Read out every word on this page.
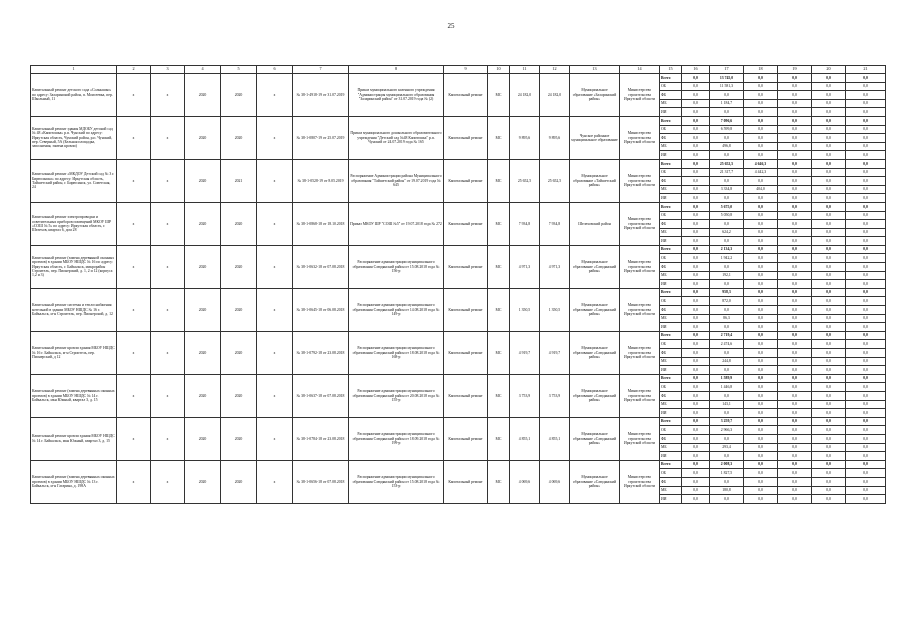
25
1	2	3	4	5	6	7	8	9	10	11	12	13	14	15	16	17	18	19	20	21
Капитальный ремонт детского сада «Солнышко» по адресу: Заларинский район, п. Моисеевка, пер. Школьный, 11	х	х	2020	2020	х	№ 38-1-4918-19 от 31.07.2019	Приказ муниципального казенного учреждения "Администрация муниципального образования "Заларинский район" от 31.07.2019 года № (2)	Капитальный ремонт	МС	24 182,0	24 182,0	Муниципальное образование «Заларинский район»	Министерство строительства Иркутской области	Всего	0,0	13 745,0	0,0	0,0	0,0	0,0
														ОБ	0,0	11 581,3	0,0	0,0	0,0	0,0
														ФБ	0,0	0,0	0,0	0,0	0,0	0,0
														МБ	0,0	1 184,7	0,0	0,0	0,0	0,0
														ИИ	0,0	0,0	0,0	0,0	0,0	0,0
Капитальный ремонт здания МДОБУ детский сад № 48 «Капитошка» р.п. Чунский по адресу: Иркутская область, Чунский район, р.п. Чунский, пер. Северный, 5А (Бельная площадка, заполнения, замена кровли)	х	х	2020	2020	х	№ 38-1-0807-19 от 25.07.2019	Приказ муниципального дошкольного образовательного учреждения "Детский сад №48 Капитошка" р.п. Чунский от 24.07.2019 года № 165	Капитальный ремонт	МС	9 895,6	9 895,6	Чунское районное муниципальное образование	Министерство строительства Иркутской области	Всего	0,0	7 096,6	0,0	0,0	0,0	0,0
														ОБ	0,0	6 599,8	0,0	0,0	0,0	0,0
														ФБ	0,0	0,0	0,0	0,0	0,0	0,0
														МБ	0,0	496,8	0,0	0,0	0,0	0,0
														ИИ	0,0	0,0	0,0	0,0	0,0	0,0
Капитальный ремонт «МКДОУ Детский сад № 3 г. Бирюсинска» по адресу: Иркутская область, Тайшетский район, г. Бирюсинск, ул. Советская, 24	х	х	2020	2021	х	№ 38-1-0528-19 от 8.05.2019	Распоряжение Администрации района Муниципального образования "Тайшетский район" от 19.07.2019 года № 645	Капитальный ремонт	МС	25 652,5	25 652,5	Муниципальное образование «Тайшетский район»	Министерство строительства Иркутской области	Всего	0,0	25 652,5	4 646,3	0,0	0,0	0,0
														ОБ	0,0	21 317,7	4 442,3	0,0	0,0	0,0
														ФБ	0,0	0,0	0,0	0,0	0,0	0,0
														МБ	0,0	3 334,8	404,0	0,0	0,0	0,0
														ИИ	0,0	0,0	0,0	0,0	0,0	0,0
Капитальный ремонт электропроводки и осветительных приборов помещений МКОУ ШР «СОШ № 5» по адресу: Иркутская область, г. Шелехов, квартал 6, дом 28	х	х	2020	2020	х	№ 38-1-0868-18 от 18.10.2018	Приказ МКОУ ШР "СОШ №5" от 19.07.2018 года № 272	Капитальный ремонт	МС	7 934,8	7 934,8	Шелеховский район	Министерство строительства Иркутской области	Всего	0,0	5 675,0	0,0	0,0	0,0	0,0
														ОБ	0,0	5 050,8	0,0	0,0	0,0	0,0
														ФБ	0,0	0,0	0,0	0,0	0,0	0,0
														МБ	0,0	624,2	0,0	0,0	0,0	0,0
														ИИ	0,0	0,0	0,0	0,0	0,0	0,0
Капитальный ремонт (замена деревянной оконных проемов) в здании МБОУ НШДС № 16 по адресу: Иркутская область, г. Байкальск, микрорайон Строитель, пер. Пионерский, д. 1, 2 и 12 (корпуса 1,2 и 3)	х	х	2020	2020	х	№ 38-1-0632-18 от 07.08.2018	Распоряжение администрации муниципального образования Слюдянский район от 15.08.2018 года № 156-р	Капитальный ремонт	МС	4 971,3	4 971,3	Муниципальное образование «Слюдянский район»	Министерство строительства Иркутской области	Всего	0,0	2 134,3	0,0	0,0	0,0	0,0
														ОБ	0,0	1 942,2	0,0	0,0	0,0	0,0
														ФБ	0,0	0,0	0,0	0,0	0,0	0,0
														МБ	0,0	192,1	0,0	0,0	0,0	0,0
														ИИ	0,0	0,0	0,0	0,0	0,0	0,0
Капитальный ремонт системы и теплоснабжения котельной в здании МБОУ НШДС № 16 г. Байкальск, м-н Строитель, пер. Пионерский, д. 12	х	х	2020	2020	х	№ 38-1-0645-18 от 06.08.2018	Распоряжение администрации муниципального образования Слюдянский район от 14.08.2018 года № 149-р	Капитальный ремонт	МС	1 350,5	1 350,5	Муниципальное образование «Слюдянский район»	Министерство строительства Иркутской области	Всего	0,0	958,3	0,0	0,0	0,0	0,0
														ОБ	0,0	872,0	0,0	0,0	0,0	0,0
														ФБ	0,0	0,0	0,0	0,0	0,0	0,0
														МБ	0,0	86,3	0,0	0,0	0,0	0,0
														ИИ	0,0	0,0	0,0	0,0	0,0	0,0
Капитальный ремонт кровли здания МБОУ НШДС № 16 г. Байкальск, м-н Строитель, пер. Пионерский, д 12	х	х	2020	2020	х	№ 38-1-0792-18 от 23.08.2018	Распоряжение администрации муниципального образования Слюдянский район от 18.08.2018 года № 168-р	Капитальный ремонт	МС	4 919,7	4 919,7	Муниципальное образование «Слюдянский район»	Министерство строительства Иркутской области	Всего	0,0	2 719,4	0,0	0,0	0,0	0,0
														ОБ	0,0	2 474,6	0,0	0,0	0,0	0,0
														ФБ	0,0	0,0	0,0	0,0	0,0	0,0
														МБ	0,0	244,8	0,0	0,0	0,0	0,0
														ИИ	0,0	0,0	0,0	0,0	0,0	0,0
Капитальный ремонт (замена деревянных оконных проемов) в здании МБОУ НШДС № 14 г. Байкальск, мкн Южный, квартал 3, д. 15	х	х	2020	2020	х	№ 38-1-0637-18 от 07.08.2018	Распоряжение администрации муниципального образования Слюдянский район от 20.08.2018 года № 155-р	Капитальный ремонт	МС	3 753,9	3 753,9	Муниципальное образование «Слюдянский район»	Министерство строительства Иркутской области	Всего	0,0	1 589,9	0,0	0,0	0,0	0,0
														ОБ	0,0	1 446,8	0,0	0,0	0,0	0,0
														ФБ	0,0	0,0	0,0	0,0	0,0	0,0
														МБ	0,0	143,1	0,0	0,0	0,0	0,0
														ИИ	0,0	0,0	0,0	0,0	0,0	0,0
Капитальный ремонт кровли здания МБОУ НШДС № 14 г. Байкальск, мкн Южный, квартал 3, д. 15	х	х	2020	2020	х	№ 38-1-0784-18 от 23.08.2018	Распоряжение администрации муниципального образования Слюдянский район от 18.09.2018 года № 199-р	Капитальный ремонт	МС	4 855,1	4 855,1	Муниципальное образование «Слюдянский район»	Министерство строительства Иркутской области	Всего	0,0	3 259,7	0,0	0,0	0,0	0,0
														ОБ	0,0	2 966,3	0,0	0,0	0,0	0,0
														ФБ	0,0	0,0	0,0	0,0	0,0	0,0
														МБ	0,0	293,4	0,0	0,0	0,0	0,0
														ИИ	0,0	0,0	0,0	0,0	0,0	0,0
Капитальный ремонт (замена деревянных оконных проемов) в здании МБОУ НШДС № 13 г. Байкальск, м-н Гагарина, д. 198А	х	х	2020	2020	х	№ 38-1-0656-18 от 07.08.2018	Распоряжение администрации муниципального образования Слюдянский район от 15.08.2018 года № 153-р	Капитальный ремонт	МС	4 069,6	4 069,6	Муниципальное образование «Слюдянский район»	Министерство строительства Иркутской области	Всего	0,0	2 008,3	0,0	0,0	0,0	0,0
														ОБ	0,0	1 827,5	0,0	0,0	0,0	0,0
														ФБ	0,0	0,0	0,0	0,0	0,0	0,0
														МБ	0,0	180,8	0,0	0,0	0,0	0,0
														ИИ	0,0	0,0	0,0	0,0	0,0	0,0
